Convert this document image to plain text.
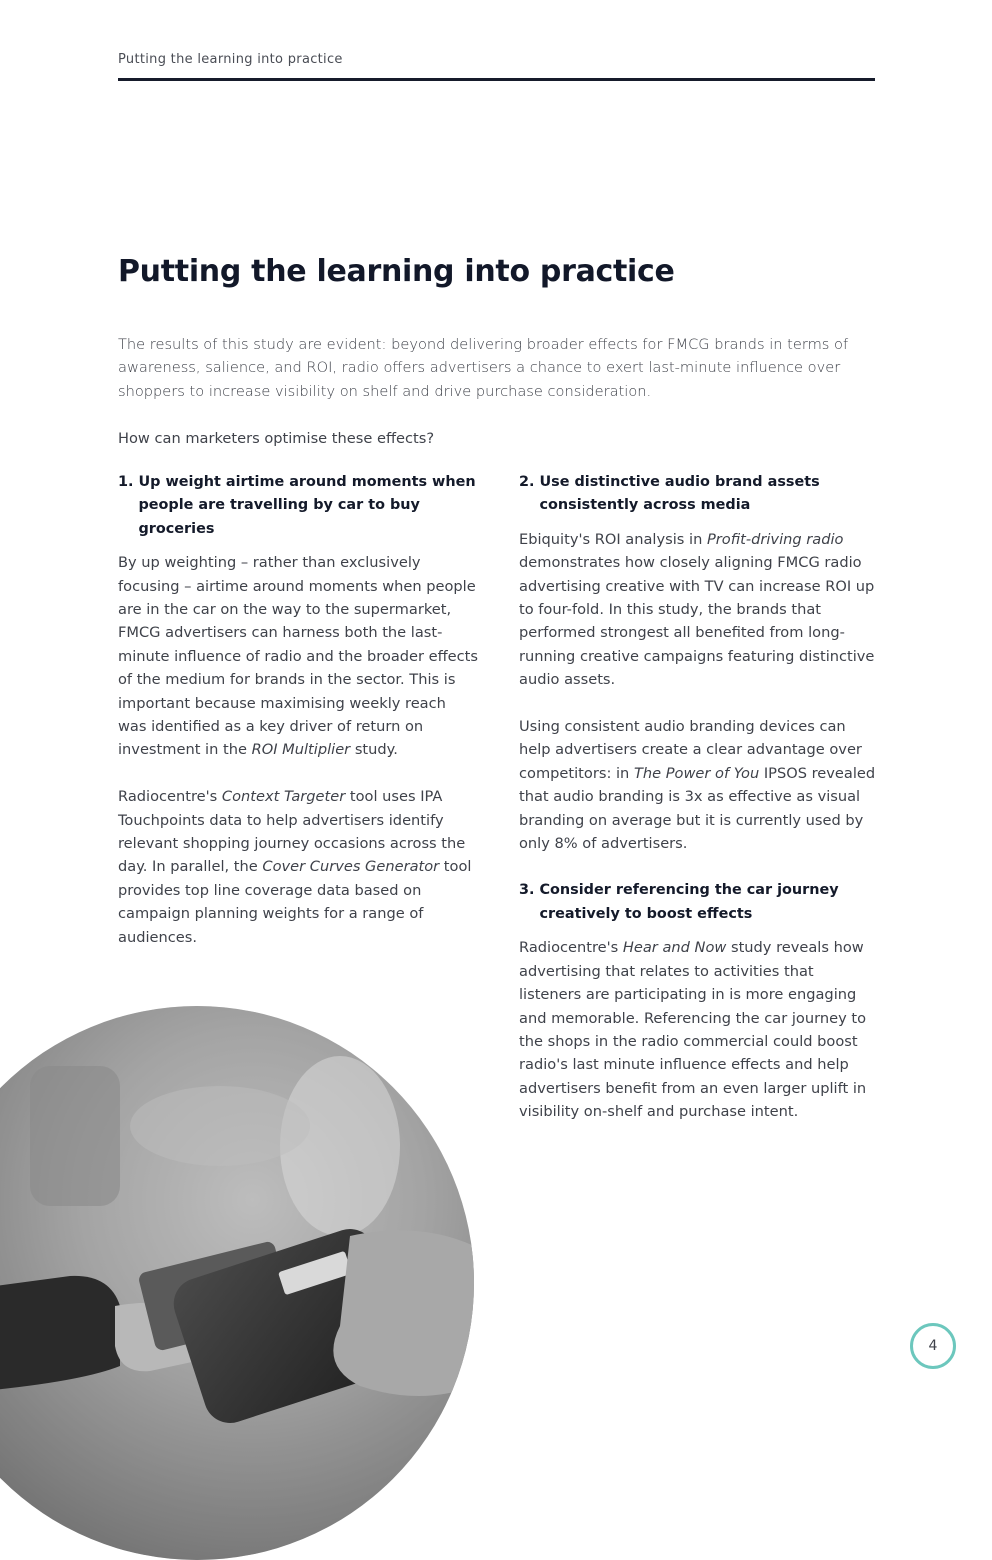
Putting the learning into practice
Putting the learning into practice

The results of this study are evident: beyond delivering broader effects for FMCG brands in terms of awareness, salience, and ROI, radio offers advertisers a chance to exert last-minute influence over shoppers to increase visibility on shelf and drive purchase consideration.

How can marketers optimise these effects?

1. Up weight airtime around moments when people are travelling by car to buy groceries

By up weighting – rather than exclusively focusing – airtime around moments when people are in the car on the way to the supermarket, FMCG advertisers can harness both the last-minute influence of radio and the broader effects of the medium for brands in the sector. This is important because maximising weekly reach was identified as a key driver of return on investment in the ROI Multiplier study.

Radiocentre's Context Targeter tool uses IPA Touchpoints data to help advertisers identify relevant shopping journey occasions across the day. In parallel, the Cover Curves Generator tool provides top line coverage data based on campaign planning weights for a range of audiences.

2. Use distinctive audio brand assets consistently across media

Ebiquity's ROI analysis in Profit-driving radio demonstrates how closely aligning FMCG radio advertising creative with TV can increase ROI up to four-fold. In this study, the brands that performed strongest all benefited from long-running creative campaigns featuring distinctive audio assets.

Using consistent audio branding devices can help advertisers create a clear advantage over competitors: in The Power of You IPSOS revealed that audio branding is 3x as effective as visual branding on average but it is currently used by only 8% of advertisers.

3. Consider referencing the car journey creatively to boost effects

Radiocentre's Hear and Now study reveals how advertising that relates to activities that listeners are participating in is more engaging and memorable. Referencing the car journey to the shops in the radio commercial could boost radio's last minute influence effects and help advertisers benefit from an even larger uplift in visibility on-shelf and purchase intent.

4
